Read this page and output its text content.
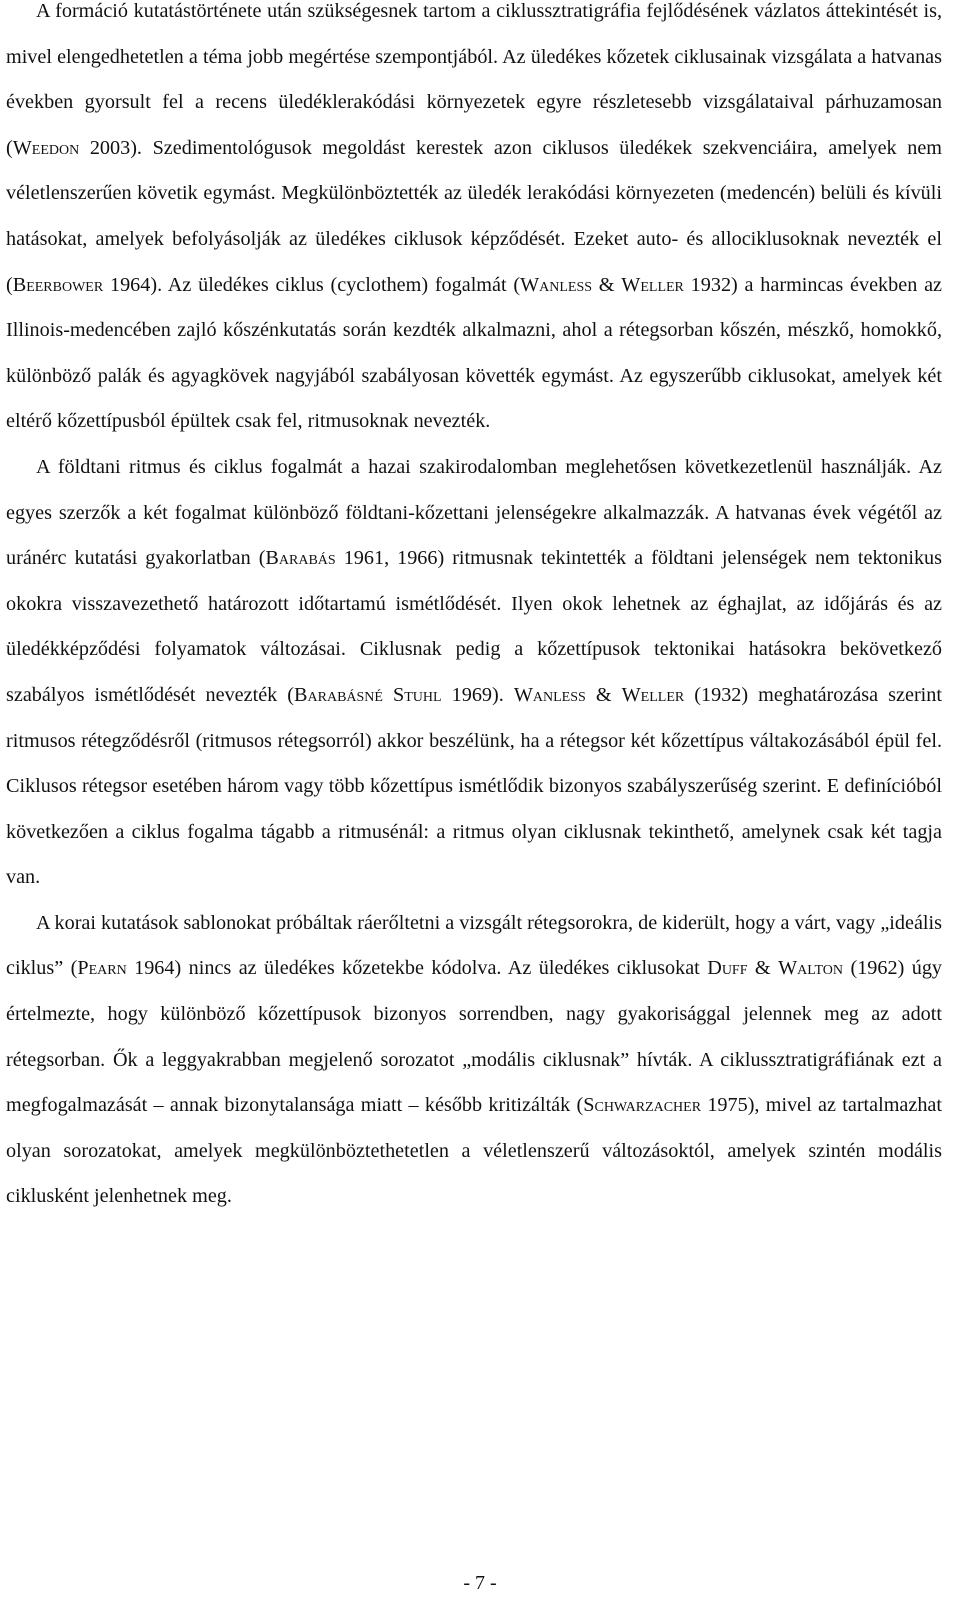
A formáció kutatástörténete után szükségesnek tartom a ciklussztratigráfia fejlődésének vázlatos áttekintését is, mivel elengedhetetlen a téma jobb megértése szempontjából. Az üledékes kőzetek ciklusainak vizsgálata a hatvanas években gyorsult fel a recens üledéklerakódási környezetek egyre részletesebb vizsgálataival párhuzamosan (Weedon 2003). Szedimentológusok megoldást kerestek azon ciklusos üledékek szekvenciáira, amelyek nem véletlenszerűen követik egymást. Megkülönböztették az üledék lerakódási környezeten (medencén) belüli és kívüli hatásokat, amelyek befolyásolják az üledékes ciklusok képződését. Ezeket auto- és allociklusoknak nevezték el (Beerbower 1964). Az üledékes ciklus (cyclothem) fogalmát (Wanless & Weller 1932) a harmincas években az Illinois-medencében zajló kőszénkutatás során kezdték alkalmazni, ahol a rétegsorban kőszén, mészkő, homokkő, különböző palák és agyagkövek nagyjából szabályosan követték egymást. Az egyszerűbb ciklusokat, amelyek két eltérő kőzettípusból épültek csak fel, ritmusoknak nevezték.

A földtani ritmus és ciklus fogalmát a hazai szakirodalomban meglehetősen következetlenül használják. Az egyes szerzők a két fogalmat különböző földtani-kőzettani jelenségekre alkalmazzák. A hatvanas évek végétől az uránérc kutatási gyakorlatban (Barabás 1961, 1966) ritmusnak tekintették a földtani jelenségek nem tektonikus okokra visszavezethető határozott időtartamú ismétlődését. Ilyen okok lehetnek az éghajlat, az időjárás és az üledékképződési folyamatok változásai. Ciklusnak pedig a kőzettípusok tektonikai hatásokra bekövetkező szabályos ismétlődését nevezték (Barabásné Stuhl 1969). Wanless & Weller (1932) meghatározása szerint ritmusos rétegződésről (ritmusos rétegsorról) akkor beszélünk, ha a rétegsor két kőzettípus váltakozásából épül fel. Ciklusos rétegsor esetében három vagy több kőzettípus ismétlődik bizonyos szabályszerűség szerint. E definícióból következően a ciklus fogalma tágabb a ritmusénál: a ritmus olyan ciklusnak tekinthető, amelynek csak két tagja van.

A korai kutatások sablonokat próbáltak ráerőltetni a vizsgált rétegsorokra, de kiderült, hogy a várt, vagy „ideális ciklus” (Pearn 1964) nincs az üledékes kőzetekbe kódolva. Az üledékes ciklusokat Duff & Walton (1962) úgy értelmezte, hogy különböző kőzettípusok bizonyos sorrendben, nagy gyakorisággal jelennek meg az adott rétegsorban. Ők a leggyakrabban megjelenő sorozatot „modális ciklusnak” hívták. A ciklussztratigráfiának ezt a megfogalmazását – annak bizonytalansága miatt – később kritizálták (Schwarzacher 1975), mivel az tartalmazhat olyan sorozatokat, amelyek megkülönböztethetetlen a véletlenszerű változásoktól, amelyek szintén modális ciklusként jelenhetnek meg.

- 7 -
